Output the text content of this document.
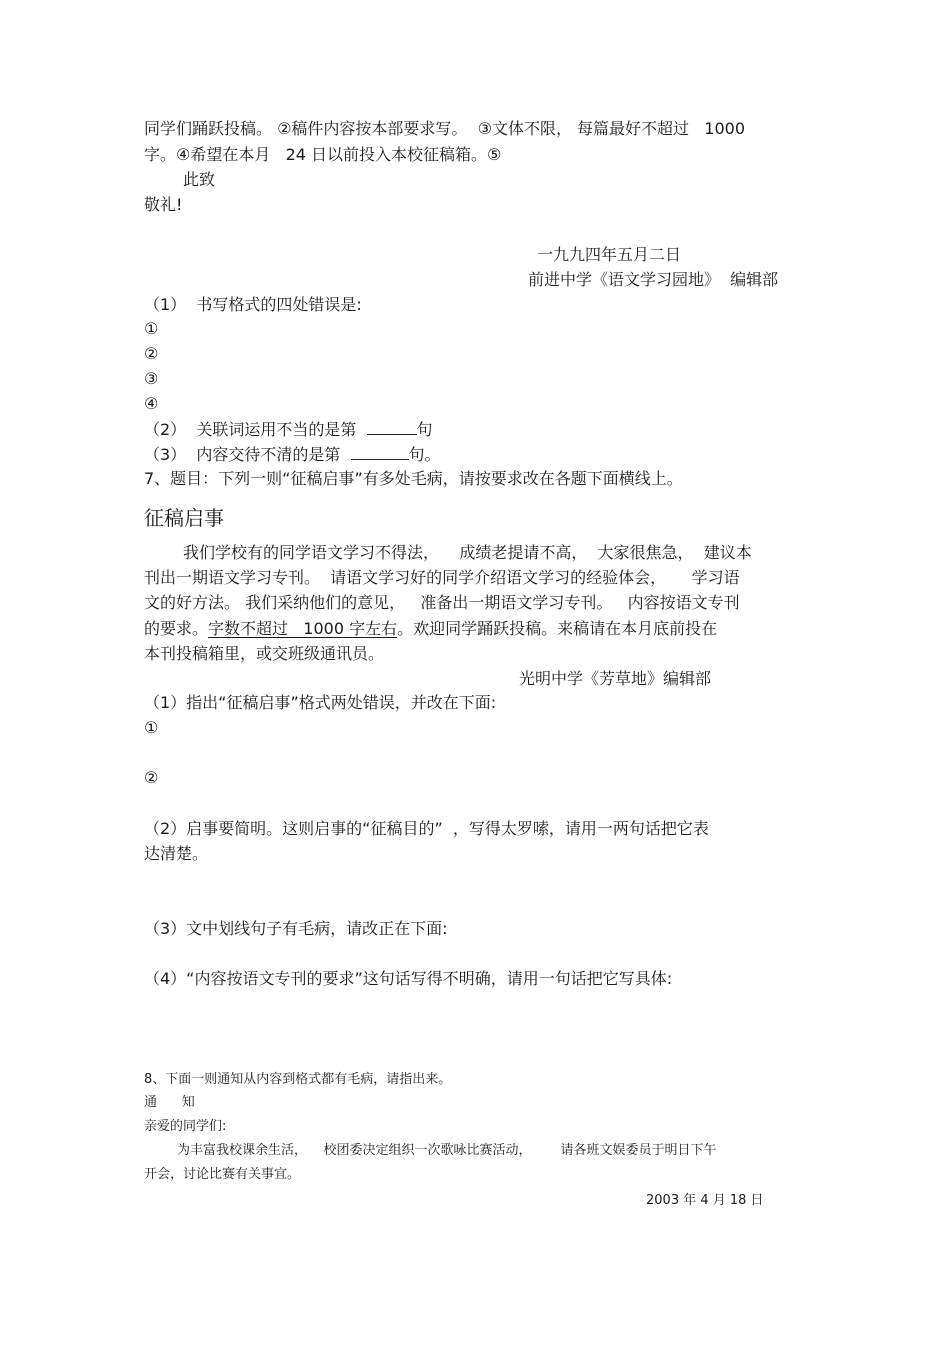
同学们踊跃投稿。 ②稿件内容按本部要求写。  ③文体不限， 每篇最好不超过   1000
字。④希望在本月   24 日以前投入本校征稿箱。⑤
此致
敬礼!
一九九四年五月二日
前进中学《语文学习园地》  编辑部
（1）  书写格式的四处错误是:
①
②
③
④
（2）  关联词运用不当的是第	句
（3）  内容交待不清的是第	句。
7、题目：下列一则“征稿启事”有多处毛病，请按要求改在各题下面横线上。
征稿启事
我们学校有的同学语文学习不得法，    成绩老提请不高，  大家很焦急，  建议本
刊出一期语文学习专刊。  请语文学习好的同学介绍语文学习的经验体会，     学习语
文的好方法。 我们采纳他们的意见，   准备出一期语文学习专刊。   内容按语文专刊
的要求。字数不超过   1000 字左右。欢迎同学踊跃投稿。来稿请在本月底前投在
本刊投稿箱里，或交班级通讯员。
光明中学《芳草地》编辑部
（1）指出“征稿启事”格式两处错误，并改在下面:
①
②
（2）启事要简明。这则启事的“征稿目的”  ，写得太罗嗦，请用一两句话把它表
达清楚。
（3）文中划线句子有毛病，请改正在下面:
（4）“内容按语文专刊的要求”这句话写得不明确，请用一句话把它写具体:
8、下面一则通知从内容到格式都有毛病，请指出来。
通      知
亲爱的同学们:
为丰富我校课余生活，    校团委决定组织一次歌咏比赛活动，       请各班文娱委员于明日下午
开会，讨论比赛有关事宜。
2003 年 4 月 18 日
